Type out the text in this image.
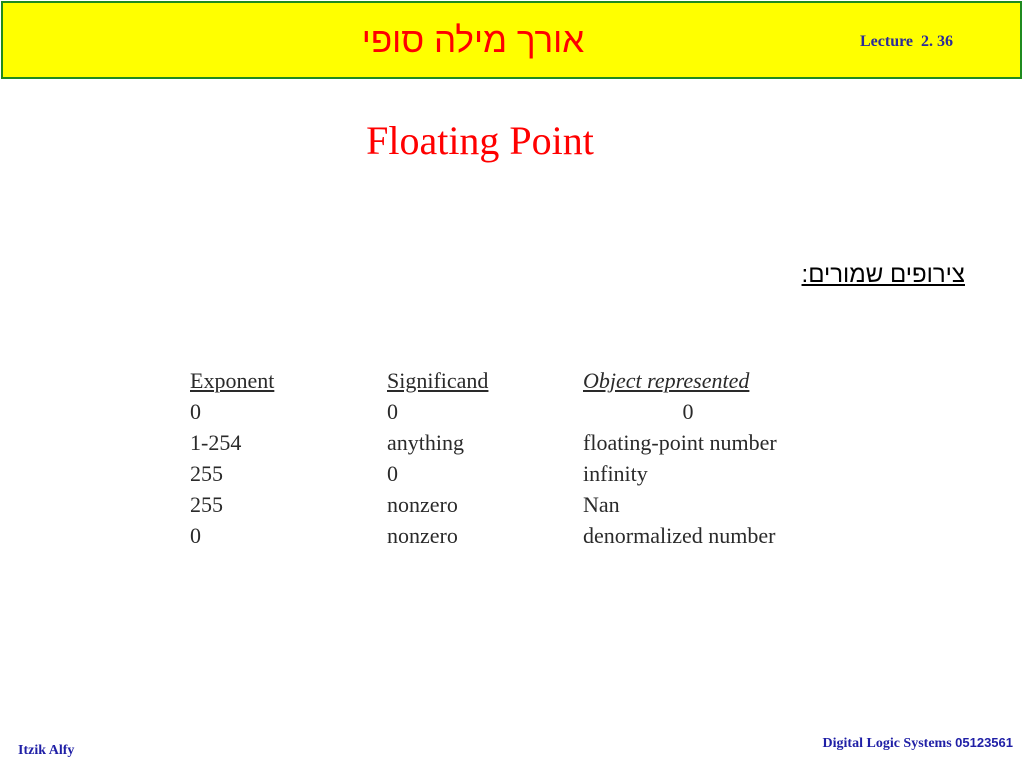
אורך מילה סופי	Lecture  2. 36
Floating Point
צירופים שמורים:
Exponent	Significand	Object represented
0	0	0
1-254	anything	floating-point number
255	0	infinity
255	nonzero	Nan
0	nonzero	denormalized number
Itzik Alfy	Digital Logic Systems 05123561
